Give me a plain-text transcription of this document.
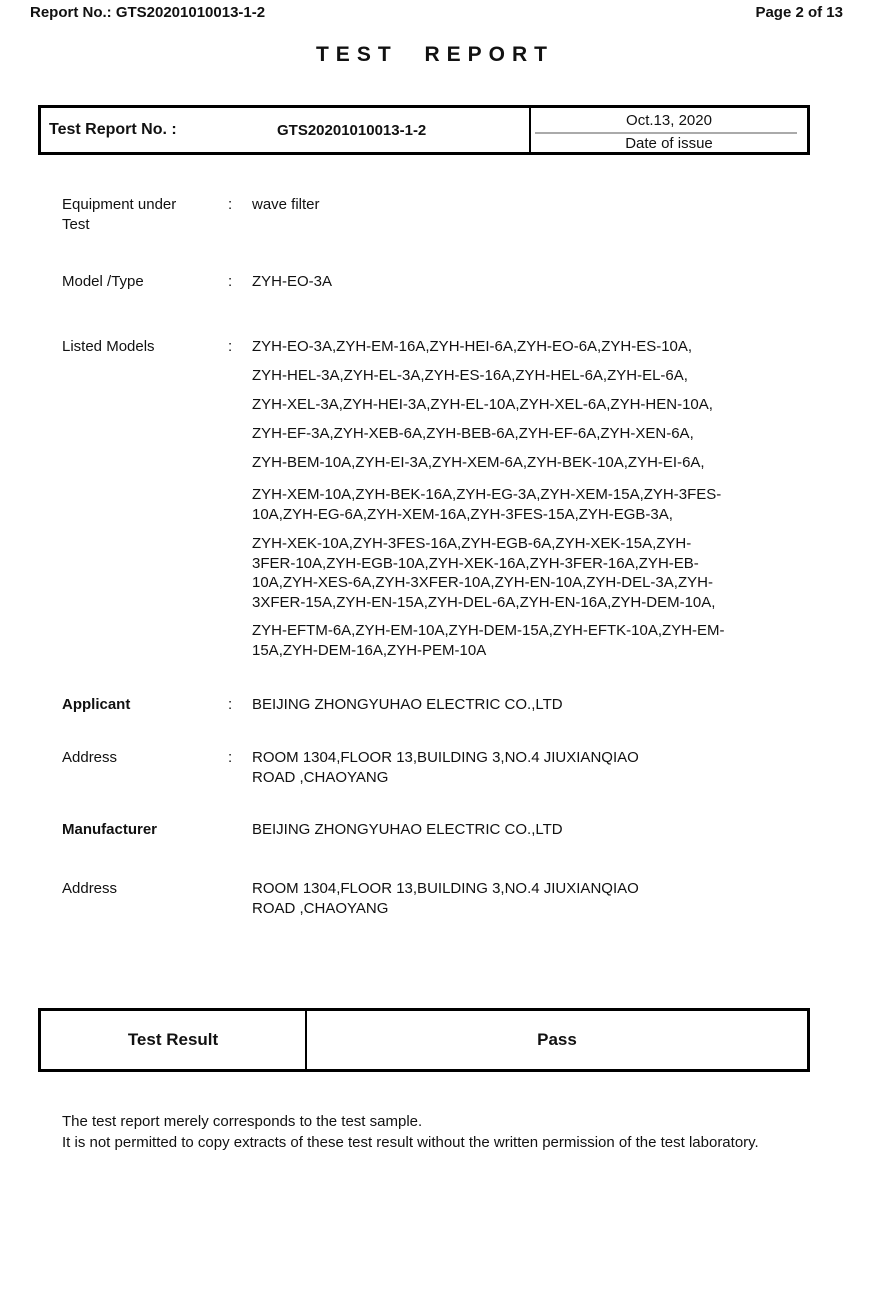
Report No.: GTS20201010013-1-2	Page 2 of 13
TEST REPORT
Test Report No. :	GTS20201010013-1-2
Oct.13, 2020
Date of issue
Equipment under Test
: wave filter
Model /Type	: ZYH-EO-3A
Listed Models	: ZYH-EO-3A,ZYH-EM-16A,ZYH-HEI-6A,ZYH-EO-6A,ZYH-ES-10A,
ZYH-HEL-3A,ZYH-EL-3A,ZYH-ES-16A,ZYH-HEL-6A,ZYH-EL-6A,
ZYH-XEL-3A,ZYH-HEI-3A,ZYH-EL-10A,ZYH-XEL-6A,ZYH-HEN-10A,
ZYH-EF-3A,ZYH-XEB-6A,ZYH-BEB-6A,ZYH-EF-6A,ZYH-XEN-6A,
ZYH-BEM-10A,ZYH-EI-3A,ZYH-XEM-6A,ZYH-BEK-10A,ZYH-EI-6A,
ZYH-XEM-10A,ZYH-BEK-16A,ZYH-EG-3A,ZYH-XEM-15A,ZYH-3FES-
10A,ZYH-EG-6A,ZYH-XEM-16A,ZYH-3FES-15A,ZYH-EGB-3A,
ZYH-XEK-10A,ZYH-3FES-16A,ZYH-EGB-6A,ZYH-XEK-15A,ZYH-
3FER-10A,ZYH-EGB-10A,ZYH-XEK-16A,ZYH-3FER-16A,ZYH-EB-
10A,ZYH-XES-6A,ZYH-3XFER-10A,ZYH-EN-10A,ZYH-DEL-3A,ZYH-
3XFER-15A,ZYH-EN-15A,ZYH-DEL-6A,ZYH-EN-16A,ZYH-DEM-10A,
ZYH-EFTM-6A,ZYH-EM-10A,ZYH-DEM-15A,ZYH-EFTK-10A,ZYH-EM-
15A,ZYH-DEM-16A,ZYH-PEM-10A
Applicant	: BEIJING ZHONGYUHAO ELECTRIC CO.,LTD
Address	: ROOM 1304,FLOOR 13,BUILDING 3,NO.4 JIUXIANQIAO
ROAD ,CHAOYANG
Manufacturer	BEIJING ZHONGYUHAO ELECTRIC CO.,LTD
Address	ROOM 1304,FLOOR 13,BUILDING 3,NO.4 JIUXIANQIAO
ROAD ,CHAOYANG
Test Result	Pass
The test report merely corresponds to the test sample.

It is not permitted to copy extracts of these test result without the written permission of the test laboratory.
